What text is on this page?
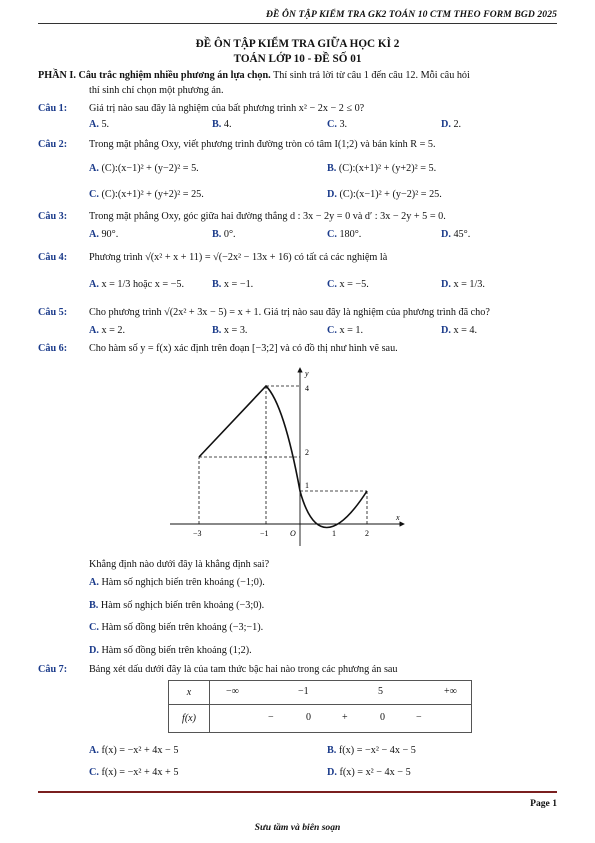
ĐỀ ÔN TẬP KIỂM TRA GK2 TOÁN 10 CTM THEO FORM BGD 2025
ĐỀ ÔN TẬP KIỂM TRA GIỮA HỌC KÌ 2
TOÁN LỚP 10 - ĐỀ SỐ 01
PHẦN I. Câu trắc nghiệm nhiều phương án lựa chọn. Thí sinh trả lời từ câu 1 đến câu 12. Mỗi câu hỏi
thí sinh chỉ chọn một phương án.
Câu 1: Giá trị nào sau đây là nghiệm của bất phương trình x² − 2x − 2 ≤ 0?
A. 5.	B. 4.	C. 3.	D. 2.
Câu 2: Trong mặt phẳng Oxy, viết phương trình đường tròn có tâm I(1;2) và bán kính R = 5.
A. (C):(x−1)² + (y−2)² = 5.	B. (C):(x+1)² + (y+2)² = 5.
C. (C):(x+1)² + (y+2)² = 25.	D. (C):(x−1)² + (y−2)² = 25.
Câu 3: Trong mặt phẳng Oxy, góc giữa hai đường thẳng d : 3x − 2y = 0 và d′ : 3x − 2y + 5 = 0.
A. 90°.	B. 0°.	C. 180°.	D. 45°.
Câu 4: Phương trình √(x² + x + 11) = √(−2x² − 13x + 16) có tất cả các nghiệm là
A. x = 1/3 hoặc x = −5.	B. x = −1.	C. x = −5.	D. x = 1/3.
Câu 5: Cho phương trình √(2x² + 3x − 5) = x + 1. Giá trị nào sau đây là nghiệm của phương trình đã cho?
A. x = 2.	B. x = 3.	C. x = 1.	D. x = 4.
Câu 6: Cho hàm số y = f(x) xác định trên đoạn [−3;2] và có đồ thị như hình vẽ sau.
y
x
O
−3	−1	1	2
4
2
1
Khẳng định nào dưới đây là khẳng định sai?
A. Hàm số nghịch biến trên khoảng (−1;0).
B. Hàm số nghịch biến trên khoảng (−3;0).
C. Hàm số đồng biến trên khoảng (−3;−1).
D. Hàm số đồng biến trên khoảng (1;2).
Câu 7: Bảng xét dấu dưới đây là của tam thức bậc hai nào trong các phương án sau
x	−∞ −1 5 +∞

f(x)	− 0 + 0 −
A. f(x) = −x² + 4x − 5	B. f(x) = −x² − 4x − 5
C. f(x) = −x² + 4x + 5	D. f(x) = x² − 4x − 5
Page 1
Sưu tầm và biên soạn
